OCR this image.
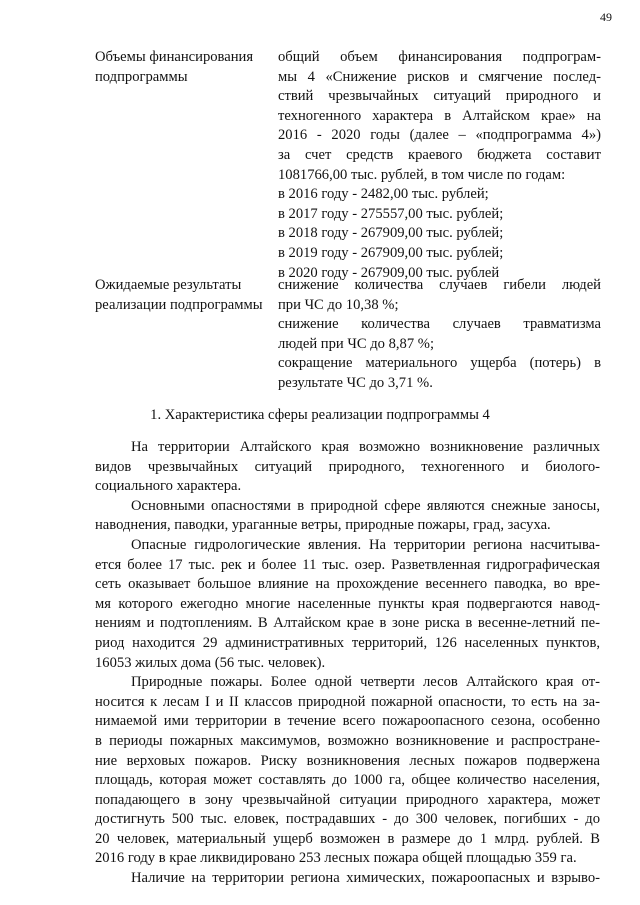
49
Объемы финансирования
подпрограммы
общий объем финансирования подпрограм-
мы 4 «Снижение рисков и смягчение послед-
ствий чрезвычайных ситуаций природного и
техногенного характера в Алтайском крае» на
2016 - 2020 годы (далее – «подпрограмма 4»)
за счет средств краевого бюджета составит
1081766,00 тыс. рублей, в том числе по годам:
в 2016 году - 2482,00 тыс. рублей;
в 2017 году - 275557,00 тыс. рублей;
в 2018 году - 267909,00 тыс. рублей;
в 2019 году - 267909,00 тыс. рублей;
в 2020 году - 267909,00 тыс. рублей
Ожидаемые результаты
реализации подпрограммы
снижение количества случаев гибели людей
при ЧС до 10,38 %;
снижение количества случаев травматизма
людей при ЧС до 8,87 %;
сокращение материального ущерба (потерь) в
результате ЧС до 3,71 %.
1. Характеристика сферы реализации подпрограммы 4
На территории Алтайского края возможно возникновение различных
видов чрезвычайных ситуаций природного, техногенного и биолого-
социального характера.
Основными опасностями в природной сфере являются снежные заносы,
наводнения, паводки, ураганные ветры, природные пожары, град, засуха.
Опасные гидрологические явления. На территории региона насчитыва-
ется более 17 тыс. рек и более 11 тыс. озер. Разветвленная гидрографическая
сеть оказывает большое влияние на прохождение весеннего паводка, во вре-
мя которого ежегодно многие населенные пункты края подвергаются навод-
нениям и подтоплениям. В Алтайском крае в зоне риска в весенне-летний пе-
риод находится 29 административных территорий, 126 населенных пунктов,
16053 жилых дома (56 тыс. человек).
Природные пожары. Более одной четверти лесов Алтайского края от-
носится к лесам I и II классов природной пожарной опасности, то есть на за-
нимаемой ими территории в течение всего пожароопасного сезона, особенно
в периоды пожарных максимумов, возможно возникновение и распростране-
ние верховых пожаров. Риску возникновения лесных пожаров подвержена
площадь, которая может составлять до 1000 га, общее количество населения,
попадающего в зону чрезвычайной ситуации природного характера, может
достигнуть 500 тыс. еловек, пострадавших - до 300 человек, погибших - до
20 человек, материальный ущерб возможен в размере до 1 млрд. рублей. В
2016 году в крае ликвидировано 253 лесных пожара общей площадью 359 га.
Наличие на территории региона химических, пожароопасных и взрыво-
